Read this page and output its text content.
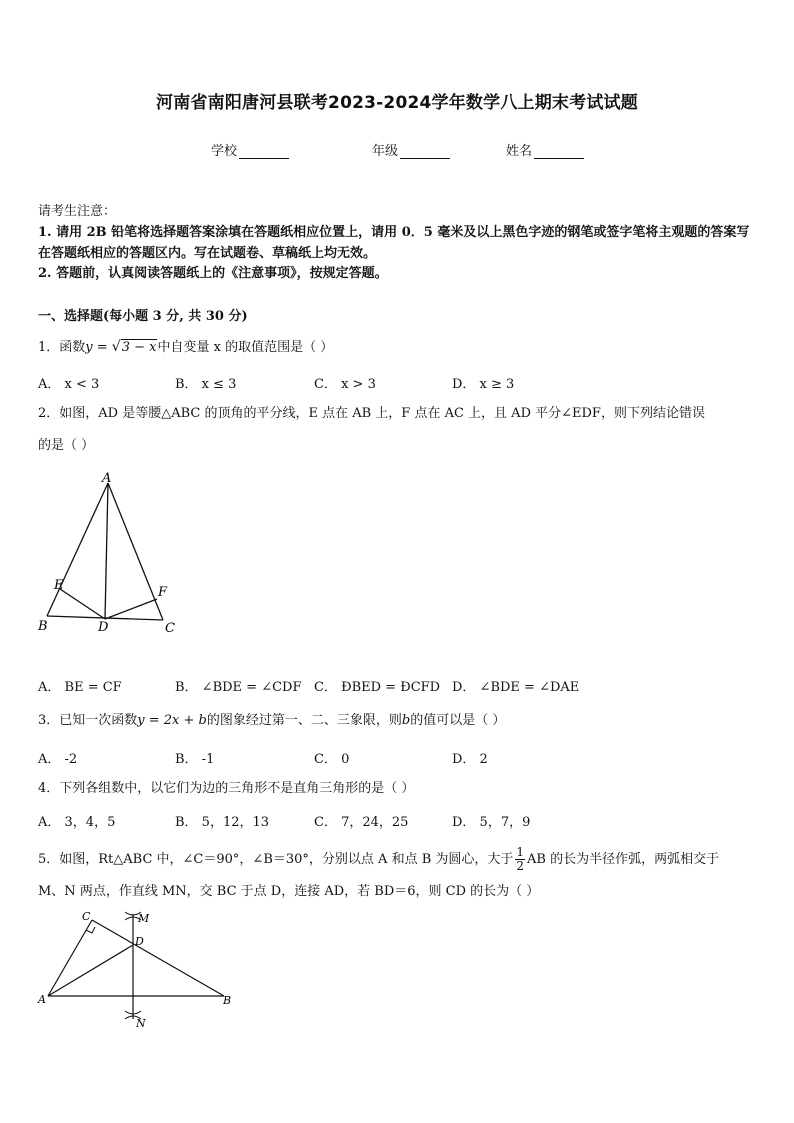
河南省南阳唐河县联考2023-2024学年数学八上期末考试试题
学校	年级	姓名
请考生注意：
1. 请用 2B 铅笔将选择题答案涂填在答题纸相应位置上，请用 0．5 毫米及以上黑色字迹的钢笔或签字笔将主观题的答案写在答题纸相应的答题区内。写在试题卷、草稿纸上均无效。
2. 答题前，认真阅读答题纸上的《注意事项》，按规定答题。
一、选择题(每小题 3 分, 共 30 分)
1．函数y = √3 − x中自变量 x 的取值范围是（ ）
A． x < 3	B． x ≤ 3	C． x > 3	D． x ≥ 3
2．如图，AD 是等腰△ABC 的顶角的平分线，E 点在 AB 上，F 点在 AC 上，且 AD 平分∠EDF，则下列结论错误
的是（ ）
A
B	C
D
E	F
A． BE = CF	B． ∠BDE = ∠CDF C． ĐBED = ĐCFD D． ∠BDE = ∠DAE
3．已知一次函数y = 2x + b的图象经过第一、二、三象限，则b的值可以是（ ）
A． -2	B． -1	C． 0	D． 2
4．下列各组数中，以它们为边的三角形不是直角三角形的是（ ）
A． 3，4，5	B． 5，12，13	C． 7，24，25	D． 5，7，9
5．如图，Rt△ABC 中，∠C＝90°，∠B＝30°，分别以点 A 和点 B 为圆心，大于 $\frac{1}{2}$ AB 的长为半径作弧，两弧相交于
M、N 两点，作直线 MN，交 BC 于点 D，连接 AD，若 BD＝6，则 CD 的长为（ ）
C	M
D
A	B
N
